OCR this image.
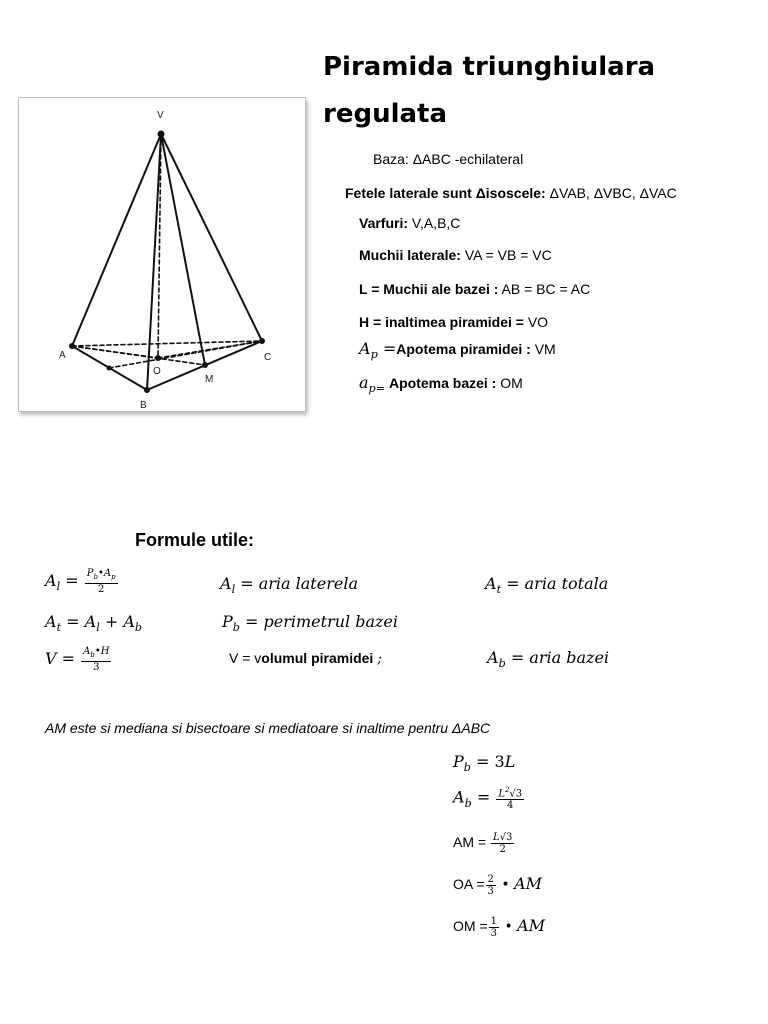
Piramida triunghiulara
regulata
V
A	C
B
O
M
Baza: ΔABC -echilateral
Fetele laterale sunt Δisoscele: ΔVAB, ΔVBC, ΔVAC
Varfuri: V,A,B,C
Muchii laterale: VA = VB = VC
L = Muchii ale bazei : AB = BC = AC
H = inaltimea piramidei = VO
$A_p$ =Apotema piramidei : VM
$a_{p=}$ Apotema bazei : OM
Formule utile:
$A_l = \frac{P_b•A_p}{2}$	$A_l$ = aria laterela	$A_t$ = aria totala
$A_t = A_l + A_b$	$P_b$ = perimetrul bazei
$V = \frac{A_b•H}{3}$	V = volumul piramidei ;	$A_b$ = aria bazei
AM este si mediana si bisectoare si mediatoare si inaltime pentru ΔABC
$P_b = 3L$
$A_b = \frac{L^2√3}{4}$
AM = $\frac{L√3}{2}$
OA = $\frac{2}{3}$ • AM
OM = $\frac{1}{3}$ • AM
